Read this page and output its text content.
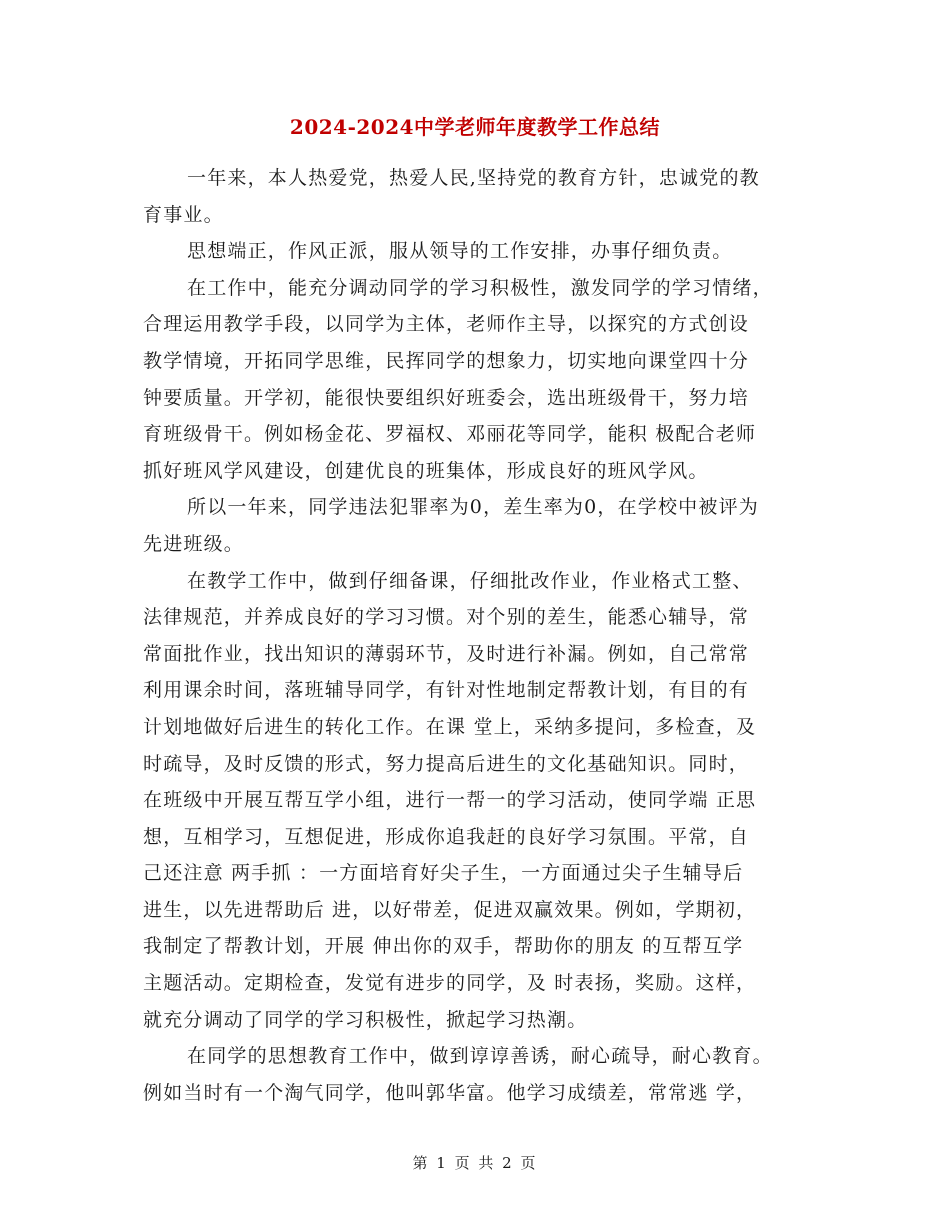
2024-2024中学老师年度教学工作总结
一年来，本人热爱党，热爱人民,坚持党的教育方针，忠诚党的教
育事业。
思想端正，作风正派，服从领导的工作安排，办事仔细负责。
在工作中，能充分调动同学的学习积极性，激发同学的学习情绪，
合理运用教学手段，以同学为主体，老师作主导，以探究的方式创设
教学情境，开拓同学思维，民挥同学的想象力，切实地向课堂四十分
钟要质量。开学初，能很快要组织好班委会，选出班级骨干，努力培
育班级骨干。例如杨金花、罗福权、邓丽花等同学，能积 极配合老师
抓好班风学风建设，创建优良的班集体，形成良好的班风学风。
所以一年来，同学违法犯罪率为0，差生率为0，在学校中被评为
先进班级。
在教学工作中，做到仔细备课，仔细批改作业，作业格式工整、
法律规范，并养成良好的学习习惯。对个别的差生，能悉心辅导，常
常面批作业，找出知识的薄弱环节，及时进行补漏。例如，自己常常
利用课余时间，落班辅导同学，有针对性地制定帮教计划，有目的有
计划地做好后进生的转化工作。在课 堂上，采纳多提问，多检查，及
时疏导，及时反馈的形式，努力提高后进生的文化基础知识。同时，
在班级中开展互帮互学小组，进行一帮一的学习活动，使同学端 正思
想，互相学习，互想促进，形成你追我赶的良好学习氛围。平常，自
己还注意 两手抓 ：一方面培育好尖子生，一方面通过尖子生辅导后
进生，以先进帮助后 进，以好带差，促进双赢效果。例如，学期初，
我制定了帮教计划，开展 伸出你的双手，帮助你的朋友 的互帮互学
主题活动。定期检查，发觉有进步的同学，及 时表扬，奖励。这样，
就充分调动了同学的学习积极性，掀起学习热潮。
在同学的思想教育工作中，做到谆谆善诱，耐心疏导，耐心教育。
例如当时有一个淘气同学，他叫郭华富。他学习成绩差，常常逃 学，
第 1 页 共 2 页
